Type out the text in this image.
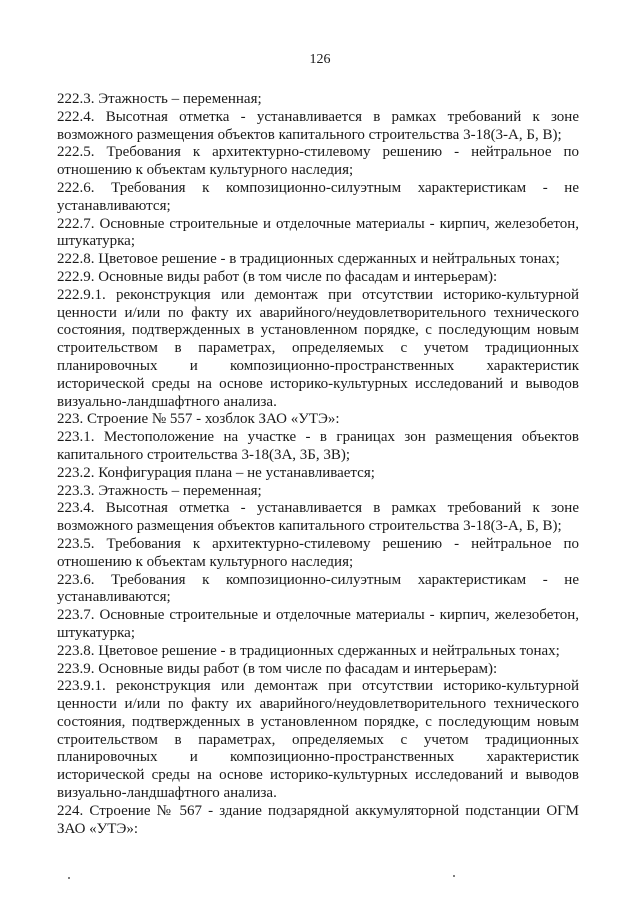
126

222.3. Этажность – переменная;

222.4. Высотная отметка - устанавливается в рамках требований к зоне возможного размещения объектов капитального строительства 3-18(3-А, Б, В);

222.5. Требования к архитектурно-стилевому решению - нейтральное по отношению к объектам культурного наследия;

222.6. Требования к композиционно-силуэтным характеристикам - не устанавливаются;

222.7. Основные строительные и отделочные материалы - кирпич, железобетон, штукатурка;

222.8. Цветовое решение - в традиционных сдержанных и нейтральных тонах;

222.9. Основные виды работ (в том числе по фасадам и интерьерам):

222.9.1. реконструкция или демонтаж при отсутствии историко-культурной ценности и/или по факту их аварийного/неудовлетворительного технического состояния, подтвержденных в установленном порядке, с последующим новым строительством в параметрах, определяемых с учетом традиционных планировочных и композиционно-пространственных характеристик исторической среды на основе историко-культурных исследований и выводов визуально-ландшафтного анализа.

223. Строение № 557 - хозблок ЗАО «УТЭ»:

223.1. Местоположение на участке - в границах зон размещения объектов капитального строительства 3-18(3А, 3Б, 3В);

223.2. Конфигурация плана – не устанавливается;

223.3. Этажность – переменная;

223.4. Высотная отметка - устанавливается в рамках требований к зоне возможного размещения объектов капитального строительства 3-18(3-А, Б, В);

223.5. Требования к архитектурно-стилевому решению - нейтральное по отношению к объектам культурного наследия;

223.6. Требования к композиционно-силуэтным характеристикам - не устанавливаются;

223.7. Основные строительные и отделочные материалы - кирпич, железобетон, штукатурка;

223.8. Цветовое решение - в традиционных сдержанных и нейтральных тонах;

223.9. Основные виды работ (в том числе по фасадам и интерьерам):

223.9.1. реконструкция или демонтаж при отсутствии историко-культурной ценности и/или по факту их аварийного/неудовлетворительного технического состояния, подтвержденных в установленном порядке, с последующим новым строительством в параметрах, определяемых с учетом традиционных планировочных и композиционно-пространственных характеристик исторической среды на основе историко-культурных исследований и выводов визуально-ландшафтного анализа.

224. Строение № 567 - здание подзарядной аккумуляторной подстанции ОГМ ЗАО «УТЭ»:
